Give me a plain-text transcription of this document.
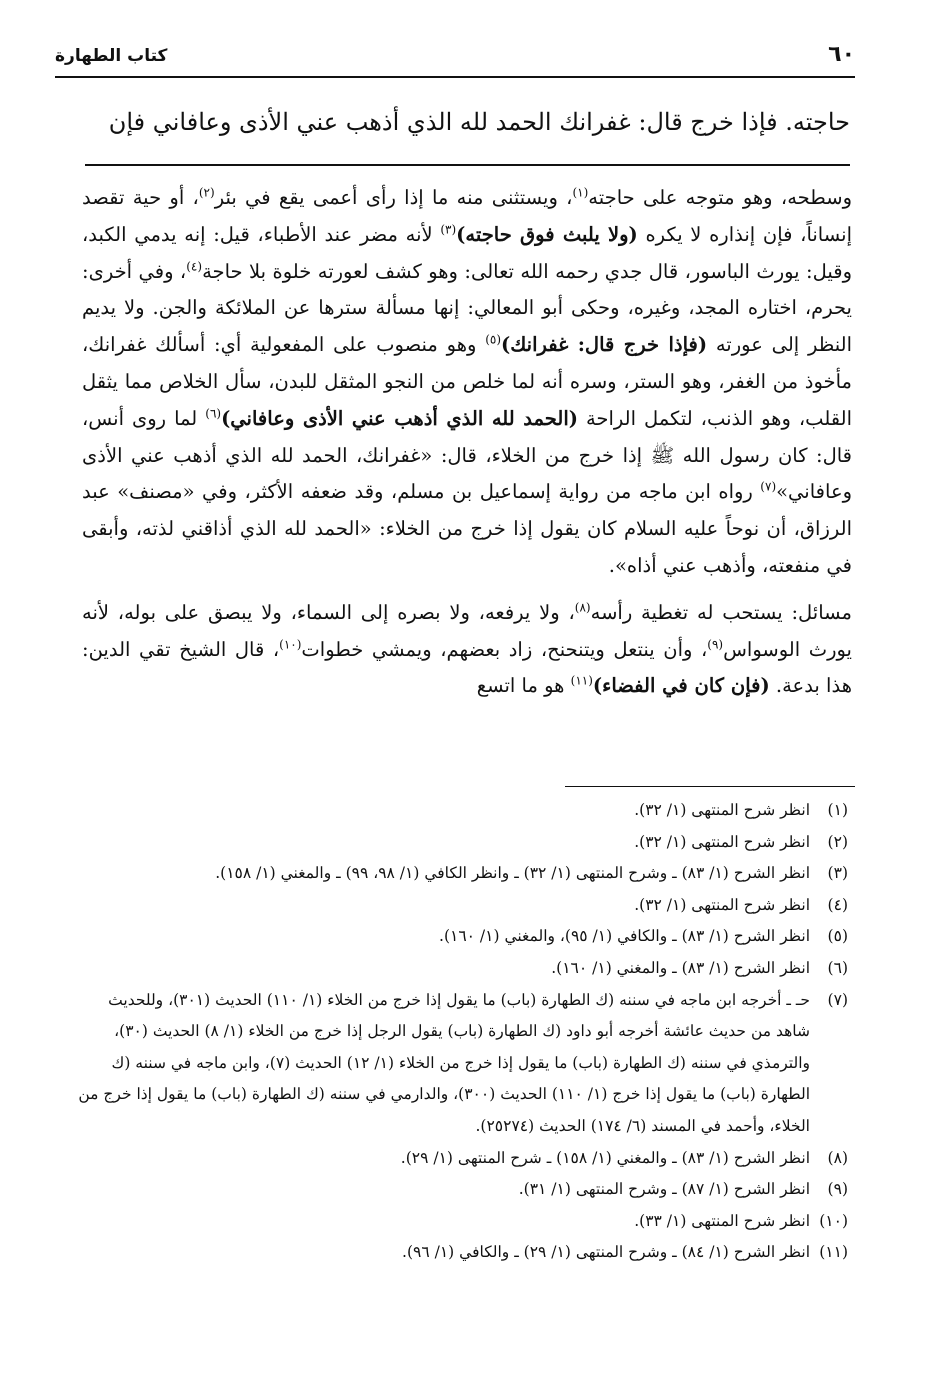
كتاب الطهارة	٦٠
حاجته. فإذا خرج قال: غفرانك الحمد لله الذي أذهب عني الأذى وعافاني فإن

وسطحه، وهو متوجه على حاجته$^{(١)}$، ويستثنى منه ما إذا رأى أعمى يقع في بئر$^{(٢)}$، أو حية تقصد إنساناً، فإن إنذاره لا يكره (ولا يلبث فوق حاجته)$^{(٣)}$ لأنه مضر عند الأطباء، قيل: إنه يدمي الكبد، وقيل: يورث الباسور، قال جدي رحمه الله تعالى: وهو كشف لعورته خلوة بلا حاجة$^{(٤)}$، وفي أخرى: يحرم، اختاره المجد، وغيره، وحكى أبو المعالي: إنها مسألة سترها عن الملائكة والجن. ولا يديم النظر إلى عورته (فإذا خرج قال: غفرانك)$^{(٥)}$ وهو منصوب على المفعولية أي: أسألك غفرانك، مأخوذ من الغفر، وهو الستر، وسره أنه لما خلص من النجو المثقل للبدن، سأل الخلاص مما يثقل القلب، وهو الذنب، لتكمل الراحة (الحمد لله الذي أذهب عني الأذى وعافاني)$^{(٦)}$ لما روى أنس، قال: كان رسول الله ﷺ إذا خرج من الخلاء، قال: «غفرانك، الحمد لله الذي أذهب عني الأذى وعافاني»$^{(٧)}$ رواه ابن ماجه من رواية إسماعيل بن مسلم، وقد ضعفه الأكثر، وفي «مصنف» عبد الرزاق، أن نوحاً عليه السلام كان يقول إذا خرج من الخلاء: «الحمد لله الذي أذاقني لذته، وأبقى في منفعته، وأذهب عني أذاه».

مسائل: يستحب له تغطية رأسه$^{(٨)}$، ولا يرفعه، ولا بصره إلى السماء، ولا يبصق على بوله، لأنه يورث الوسواس$^{(٩)}$، وأن ينتعل ويتنحنح، زاد بعضهم، ويمشي خطوات$^{(١٠)}$، قال الشيخ تقي الدين: هذا بدعة. (فإن كان في الفضاء)$^{(١١)}$ هو ما اتسع

(١)
انظر شرح المنتهى (١/ ٣٢).
(٢)
انظر شرح المنتهى (١/ ٣٢).
(٣)
انظر الشرح (١/ ٨٣) ـ وشرح المنتهى (١/ ٣٢) ـ وانظر الكافي (١/ ٩٨، ٩٩) ـ والمغني (١/ ١٥٨).
(٤)
انظر شرح المنتهى (١/ ٣٢).
(٥)
انظر الشرح (١/ ٨٣) ـ والكافي (١/ ٩٥)، والمغني (١/ ١٦٠).
(٦)
انظر الشرح (١/ ٨٣) ـ والمغني (١/ ١٦٠).
(٧)
حـ ـ أخرجه ابن ماجه في سننه (ك الطهارة (باب) ما يقول إذا خرج من الخلاء (١/ ١١٠) الحديث (٣٠١)، وللحديث شاهد من حديث عائشة أخرجه أبو داود (ك الطهارة (باب) يقول الرجل إذا خرج من الخلاء (١/ ٨) الحديث (٣٠)، والترمذي في سننه (ك الطهارة (باب) ما يقول إذا خرج من الخلاء (١/ ١٢) الحديث (٧)، وابن ماجه في سننه (ك الطهارة (باب) ما يقول إذا خرج (١/ ١١٠) الحديث (٣٠٠)، والدارمي في سننه (ك الطهارة (باب) ما يقول إذا خرج من الخلاء، وأحمد في المسند (٦/ ١٧٤) الحديث (٢٥٢٧٤).
(٨)
انظر الشرح (١/ ٨٣) ـ والمغني (١/ ١٥٨) ـ شرح المنتهى (١/ ٢٩).
(٩)
انظر الشرح (١/ ٨٧) ـ وشرح المنتهى (١/ ٣١).
(١٠)
انظر شرح المنتهى (١/ ٣٣).
(١١)
انظر الشرح (١/ ٨٤) ـ وشرح المنتهى (١/ ٢٩) ـ والكافي (١/ ٩٦).
